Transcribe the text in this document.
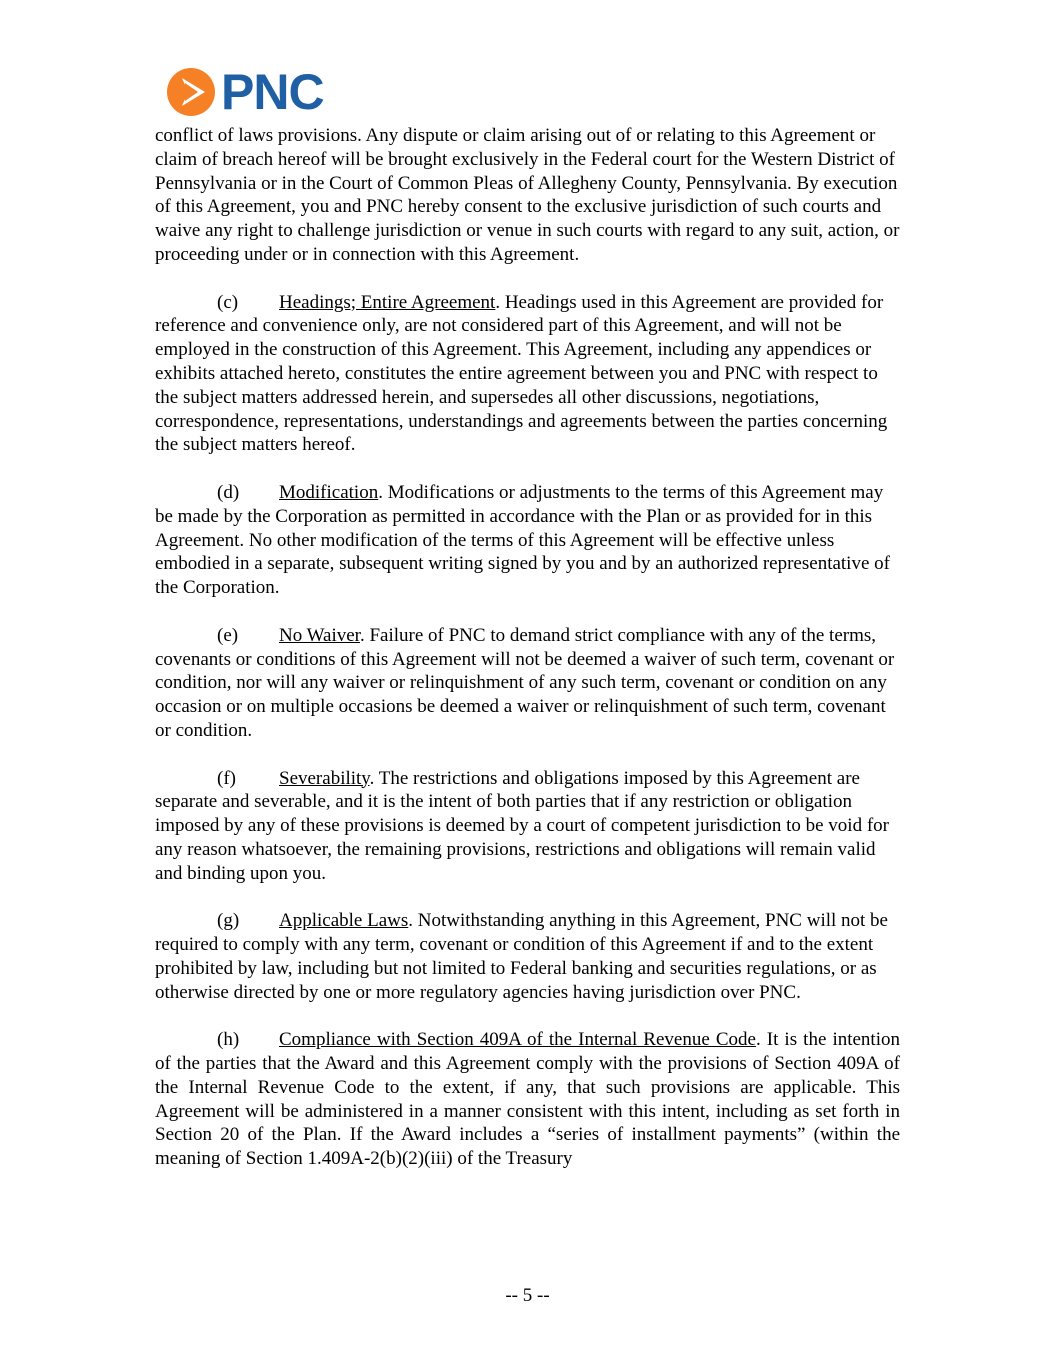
PNC

conflict of laws provisions. Any dispute or claim arising out of or relating to this Agreement or claim of breach hereof will be brought exclusively in the Federal court for the Western District of Pennsylvania or in the Court of Common Pleas of Allegheny County, Pennsylvania. By execution of this Agreement, you and PNC hereby consent to the exclusive jurisdiction of such courts and waive any right to challenge jurisdiction or venue in such courts with regard to any suit, action, or proceeding under or in connection with this Agreement.

(c) Headings; Entire Agreement. Headings used in this Agreement are provided for reference and convenience only, are not considered part of this Agreement, and will not be employed in the construction of this Agreement. This Agreement, including any appendices or exhibits attached hereto, constitutes the entire agreement between you and PNC with respect to the subject matters addressed herein, and supersedes all other discussions, negotiations, correspondence, representations, understandings and agreements between the parties concerning the subject matters hereof.

(d) Modification. Modifications or adjustments to the terms of this Agreement may be made by the Corporation as permitted in accordance with the Plan or as provided for in this Agreement. No other modification of the terms of this Agreement will be effective unless embodied in a separate, subsequent writing signed by you and by an authorized representative of the Corporation.

(e) No Waiver. Failure of PNC to demand strict compliance with any of the terms, covenants or conditions of this Agreement will not be deemed a waiver of such term, covenant or condition, nor will any waiver or relinquishment of any such term, covenant or condition on any occasion or on multiple occasions be deemed a waiver or relinquishment of such term, covenant or condition.

(f) Severability. The restrictions and obligations imposed by this Agreement are separate and severable, and it is the intent of both parties that if any restriction or obligation imposed by any of these provisions is deemed by a court of competent jurisdiction to be void for any reason whatsoever, the remaining provisions, restrictions and obligations will remain valid and binding upon you.

(g) Applicable Laws. Notwithstanding anything in this Agreement, PNC will not be required to comply with any term, covenant or condition of this Agreement if and to the extent prohibited by law, including but not limited to Federal banking and securities regulations, or as otherwise directed by one or more regulatory agencies having jurisdiction over PNC.

(h) Compliance with Section 409A of the Internal Revenue Code. It is the intention of the parties that the Award and this Agreement comply with the provisions of Section 409A of the Internal Revenue Code to the extent, if any, that such provisions are applicable. This Agreement will be administered in a manner consistent with this intent, including as set forth in Section 20 of the Plan. If the Award includes a “series of installment payments” (within the meaning of Section 1.409A-2(b)(2)(iii) of the Treasury

-- 5 --
